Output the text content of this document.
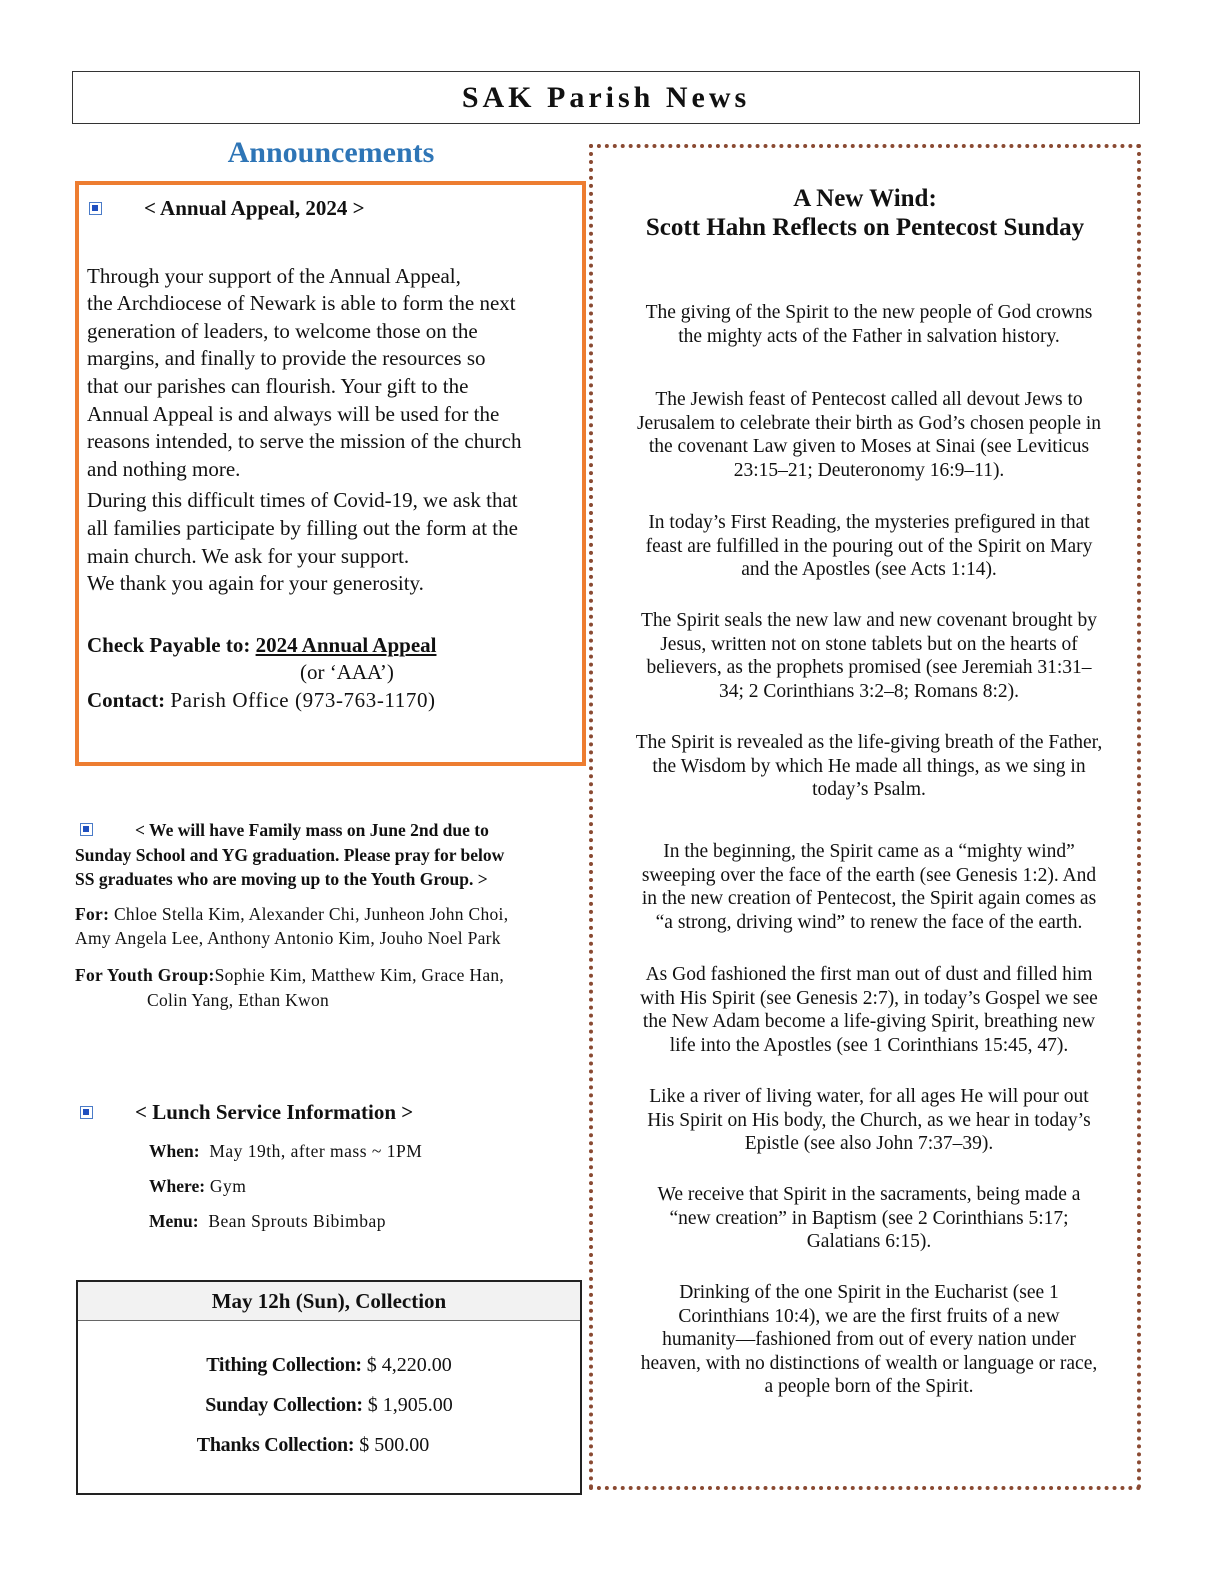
SAK Parish News
Announcements
< Annual Appeal, 2024 >
Through your support of the Annual Appeal,
the Archdiocese of Newark is able to form the next
generation of leaders, to welcome those on the
margins, and finally to provide the resources so
that our parishes can flourish. Your gift to the
Annual Appeal is and always will be used for the
reasons intended, to serve the mission of the church
and nothing more.
During this difficult times of Covid-19, we ask that
all families participate by filling out the form at the
main church. We ask for your support.
We thank you again for your generosity.
Check Payable to: 2024 Annual Appeal
(or ‘AAA’)
Contact: Parish Office (973-763-1170)
< We will have Family mass on June 2nd due to
Sunday School and YG graduation. Please pray for below
SS graduates who are moving up to the Youth Group. >
For: Chloe Stella Kim, Alexander Chi, Junheon John Choi,
Amy Angela Lee, Anthony Antonio Kim, Jouho Noel Park
For Youth Group:Sophie Kim, Matthew Kim, Grace Han,
Colin Yang, Ethan Kwon
< Lunch Service Information >
When: May 19th, after mass ~ 1PM
Where: Gym
Menu: Bean Sprouts Bibimbap
May 12h (Sun), Collection
Tithing Collection: $ 4,220.00
Sunday Collection: $ 1,905.00
Thanks Collection: $ 500.00
A New Wind:
Scott Hahn Reflects on Pentecost Sunday
The giving of the Spirit to the new people of God crowns
the mighty acts of the Father in salvation history.
The Jewish feast of Pentecost called all devout Jews to
Jerusalem to celebrate their birth as God’s chosen people in
the covenant Law given to Moses at Sinai (see Leviticus
23:15–21; Deuteronomy 16:9–11).
In today’s First Reading, the mysteries prefigured in that
feast are fulfilled in the pouring out of the Spirit on Mary
and the Apostles (see Acts 1:14).
The Spirit seals the new law and new covenant brought by
Jesus, written not on stone tablets but on the hearts of
believers, as the prophets promised (see Jeremiah 31:31–
34; 2 Corinthians 3:2–8; Romans 8:2).
The Spirit is revealed as the life-giving breath of the Father,
the Wisdom by which He made all things, as we sing in
today’s Psalm.
In the beginning, the Spirit came as a “mighty wind”
sweeping over the face of the earth (see Genesis 1:2). And
in the new creation of Pentecost, the Spirit again comes as
“a strong, driving wind” to renew the face of the earth.
As God fashioned the first man out of dust and filled him
with His Spirit (see Genesis 2:7), in today’s Gospel we see
the New Adam become a life-giving Spirit, breathing new
life into the Apostles (see 1 Corinthians 15:45, 47).
Like a river of living water, for all ages He will pour out
His Spirit on His body, the Church, as we hear in today’s
Epistle (see also John 7:37–39).
We receive that Spirit in the sacraments, being made a
“new creation” in Baptism (see 2 Corinthians 5:17;
Galatians 6:15).
Drinking of the one Spirit in the Eucharist (see 1
Corinthians 10:4), we are the first fruits of a new
humanity—fashioned from out of every nation under
heaven, with no distinctions of wealth or language or race,
a people born of the Spirit.
